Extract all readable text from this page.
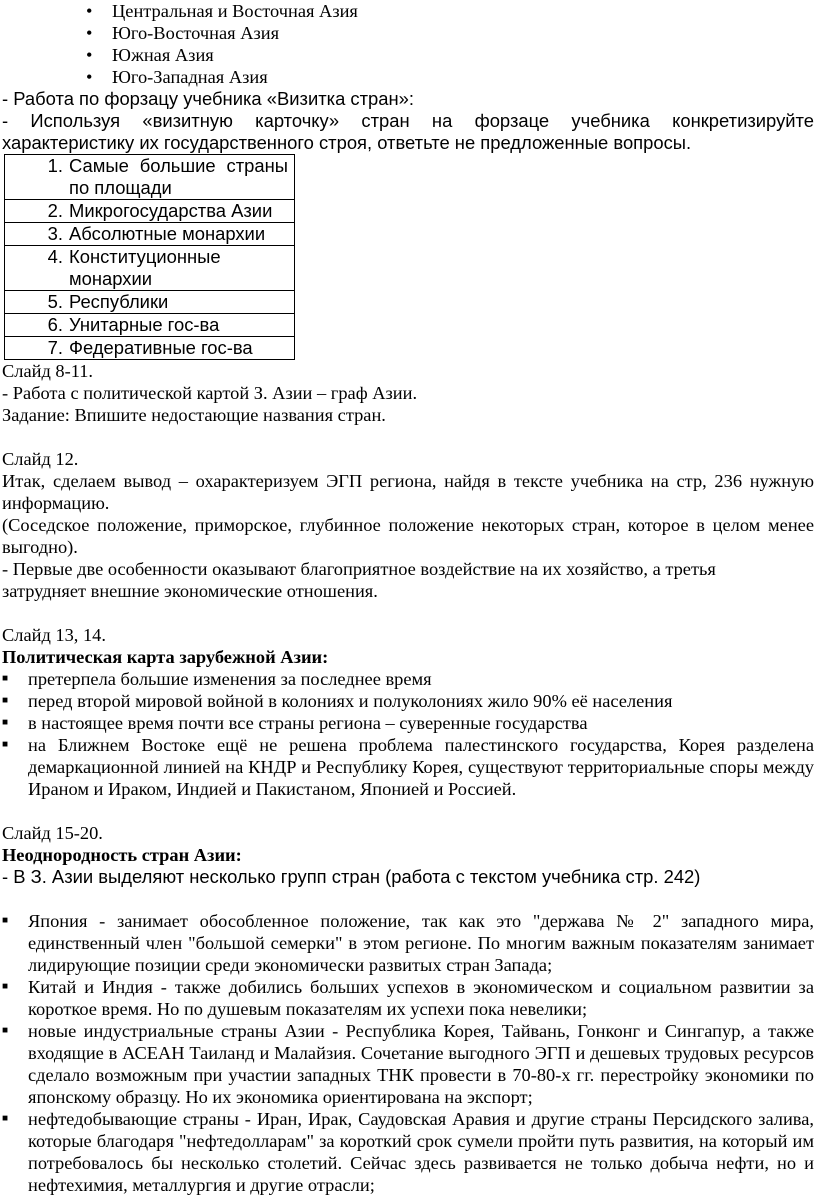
• Центральная и Восточная Азия
• Юго-Восточная Азия
• Южная Азия
• Юго-Западная Азия

- Работа по форзацу учебника «Визитка стран»:

- Используя «визитную карточку» стран на форзаце учебника конкретизируйте характеристику их государственного строя, ответьте не предложенные вопросы.

1. Самые большие страны по площади

2. Микрогосударства Азии

3. Абсолютные монархии

4. Конституционные монархии

5. Республики

6. Унитарные гос-ва

7. Федеративные гос-ва

Слайд 8-11.

- Работа с политической картой З. Азии – граф Азии.

Задание: Впишите недостающие названия стран.

Слайд 12.

Итак, сделаем вывод – охарактеризуем ЭГП региона, найдя в тексте учебника на стр, 236 нужную информацию.

(Соседское положение, приморское, глубинное положение некоторых стран, которое в целом менее выгодно).

- Первые две особенности оказывают благоприятное воздействие на их хозяйство, а третья

затрудняет внешние экономические отношения.

Слайд 13, 14.

Политическая карта зарубежной Азии:

■ претерпела большие изменения за последнее время
■ перед второй мировой войной в колониях и полуколониях жило 90% её населения
■ в настоящее время почти все страны региона – суверенные государства
■ на Ближнем Востоке ещё не решена проблема палестинского государства, Корея разделена демаркационной линией на КНДР и Республику Корея, существуют территориальные споры между Ираном и Ираком, Индией и Пакистаном, Японией и Россией.

Слайд 15-20.

Неоднородность стран Азии:

- В З. Азии выделяют несколько групп стран (работа с текстом учебника стр. 242)

■ Япония - занимает обособленное положение, так как это "держава № 2" западного мира, единственный член "большой семерки" в этом регионе. По многим важным показателям занимает лидирующие позиции среди экономически развитых стран Запада;
■ Китай и Индия - также добились больших успехов в экономическом и социальном развитии за короткое время. Но по душевым показателям их успехи пока невелики;
■ новые индустриальные страны Азии - Республика Корея, Тайвань, Гонконг и Сингапур, а также входящие в АСЕАН Таиланд и Малайзия. Сочетание выгодного ЭГП и дешевых трудовых ресурсов сделало возможным при участии западных ТНК провести в 70-80-х гг. перестройку экономики по японскому образцу. Но их экономика ориентирована на экспорт;
■ нефтедобывающие страны - Иран, Ирак, Саудовская Аравия и другие страны Персидского залива, которые благодаря "нефтедолларам" за короткий срок сумели пройти путь развития, на который им потребовалось бы несколько столетий. Сейчас здесь развивается не только добыча нефти, но и нефтехимия, металлургия и другие отрасли;
